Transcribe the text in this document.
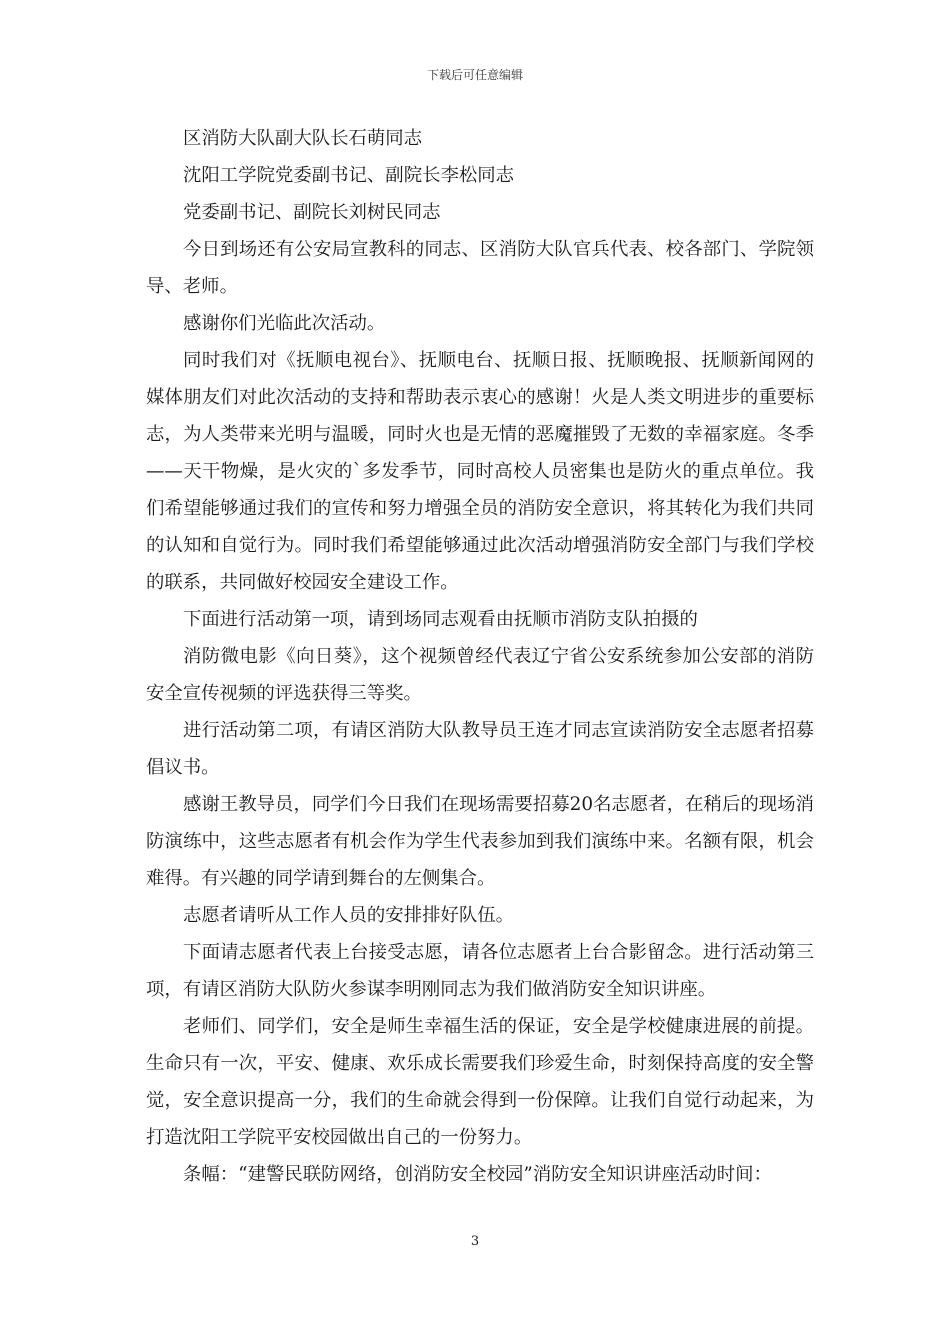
下载后可任意编辑

区消防大队副大队长石萌同志

沈阳工学院党委副书记、副院长李松同志

党委副书记、副院长刘树民同志

今日到场还有公安局宣教科的同志、区消防大队官兵代表、校各部门、学院领导、老师。

感谢你们光临此次活动。

同时我们对《抚顺电视台》、抚顺电台、抚顺日报、抚顺晚报、抚顺新闻网的媒体朋友们对此次活动的支持和帮助表示衷心的感谢！火是人类文明进步的重要标志，为人类带来光明与温暖，同时火也是无情的恶魔摧毁了无数的幸福家庭。冬季——天干物燥，是火灾的`多发季节，同时高校人员密集也是防火的重点单位。我们希望能够通过我们的宣传和努力增强全员的消防安全意识，将其转化为我们共同的认知和自觉行为。同时我们希望能够通过此次活动增强消防安全部门与我们学校的联系，共同做好校园安全建设工作。

下面进行活动第一项，请到场同志观看由抚顺市消防支队拍摄的

消防微电影《向日葵》，这个视频曾经代表辽宁省公安系统参加公安部的消防安全宣传视频的评选获得三等奖。

进行活动第二项，有请区消防大队教导员王连才同志宣读消防安全志愿者招募倡议书。

感谢王教导员，同学们今日我们在现场需要招募20名志愿者，在稍后的现场消防演练中，这些志愿者有机会作为学生代表参加到我们演练中来。名额有限，机会难得。有兴趣的同学请到舞台的左侧集合。

志愿者请听从工作人员的安排排好队伍。

下面请志愿者代表上台接受志愿，请各位志愿者上台合影留念。进行活动第三项，有请区消防大队防火参谋李明刚同志为我们做消防安全知识讲座。

老师们、同学们，安全是师生幸福生活的保证，安全是学校健康进展的前提。生命只有一次，平安、健康、欢乐成长需要我们珍爱生命，时刻保持高度的安全警觉，安全意识提高一分，我们的生命就会得到一份保障。让我们自觉行动起来，为打造沈阳工学院平安校园做出自己的一份努力。

条幅：“建警民联防网络，创消防安全校园”消防安全知识讲座活动时间：

3
